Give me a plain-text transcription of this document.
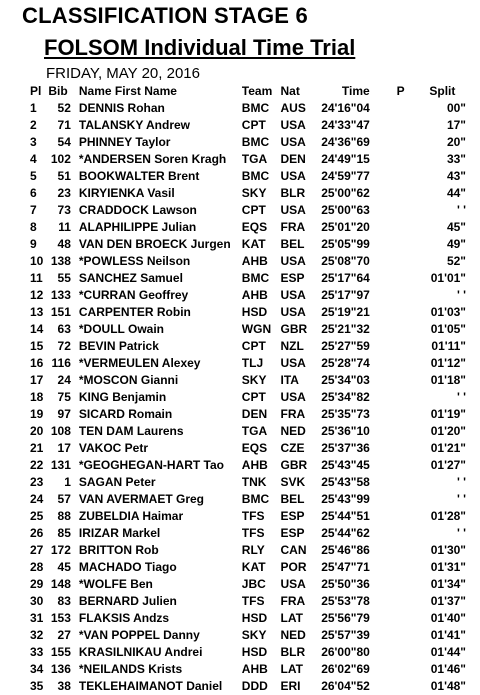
CLASSIFICATION STAGE 6
FOLSOM Individual Time Trial
FRIDAY, MAY 20, 2016
Pl	Bib	Name First Name	Team	Nat	Time	P	Split
1	52	DENNIS Rohan	BMC	AUS	24'16"04		00"
2	71	TALANSKY Andrew	CPT	USA	24'33"47		17"
3	54	PHINNEY Taylor	BMC	USA	24'36"69		20"
4	102	*ANDERSEN Soren Kragh	TGA	DEN	24'49"15		33"
5	51	BOOKWALTER Brent	BMC	USA	24'59"77		43"
6	23	KIRYIENKA Vasil	SKY	BLR	25'00"62		44"
7	73	CRADDOCK Lawson	CPT	USA	25'00"63		' '
8	11	ALAPHILIPPE Julian	EQS	FRA	25'01"20		45"
9	48	VAN DEN BROECK Jurgen	KAT	BEL	25'05"99		49"
10	138	*POWLESS Neilson	AHB	USA	25'08"70		52"
11	55	SANCHEZ Samuel	BMC	ESP	25'17"64		01'01"
12	133	*CURRAN Geoffrey	AHB	USA	25'17"97		' '
13	151	CARPENTER Robin	HSD	USA	25'19"21		01'03"
14	63	*DOULL Owain	WGN	GBR	25'21"32		01'05"
15	72	BEVIN Patrick	CPT	NZL	25'27"59		01'11"
16	116	*VERMEULEN Alexey	TLJ	USA	25'28"74		01'12"
17	24	*MOSCON Gianni	SKY	ITA	25'34"03		01'18"
18	75	KING Benjamin	CPT	USA	25'34"82		' '
19	97	SICARD Romain	DEN	FRA	25'35"73		01'19"
20	108	TEN DAM Laurens	TGA	NED	25'36"10		01'20"
21	17	VAKOC Petr	EQS	CZE	25'37"36		01'21"
22	131	*GEOGHEGAN-HART Tao	AHB	GBR	25'43"45		01'27"
23	1	SAGAN Peter	TNK	SVK	25'43"58		' '
24	57	VAN AVERMAET Greg	BMC	BEL	25'43"99		' '
25	88	ZUBELDIA Haimar	TFS	ESP	25'44"51		01'28"
26	85	IRIZAR Markel	TFS	ESP	25'44"62		' '
27	172	BRITTON Rob	RLY	CAN	25'46"86		01'30"
28	45	MACHADO Tiago	KAT	POR	25'47"71		01'31"
29	148	*WOLFE Ben	JBC	USA	25'50"36		01'34"
30	83	BERNARD Julien	TFS	FRA	25'53"78		01'37"
31	153	FLAKSIS Andzs	HSD	LAT	25'56"79		01'40"
32	27	*VAN POPPEL Danny	SKY	NED	25'57"39		01'41"
33	155	KRASILNIKAU Andrei	HSD	BLR	26'00"80		01'44"
34	136	*NEILANDS Krists	AHB	LAT	26'02"69		01'46"
35	38	TEKLEHAIMANOT Daniel	DDD	ERI	26'04"52		01'48"
